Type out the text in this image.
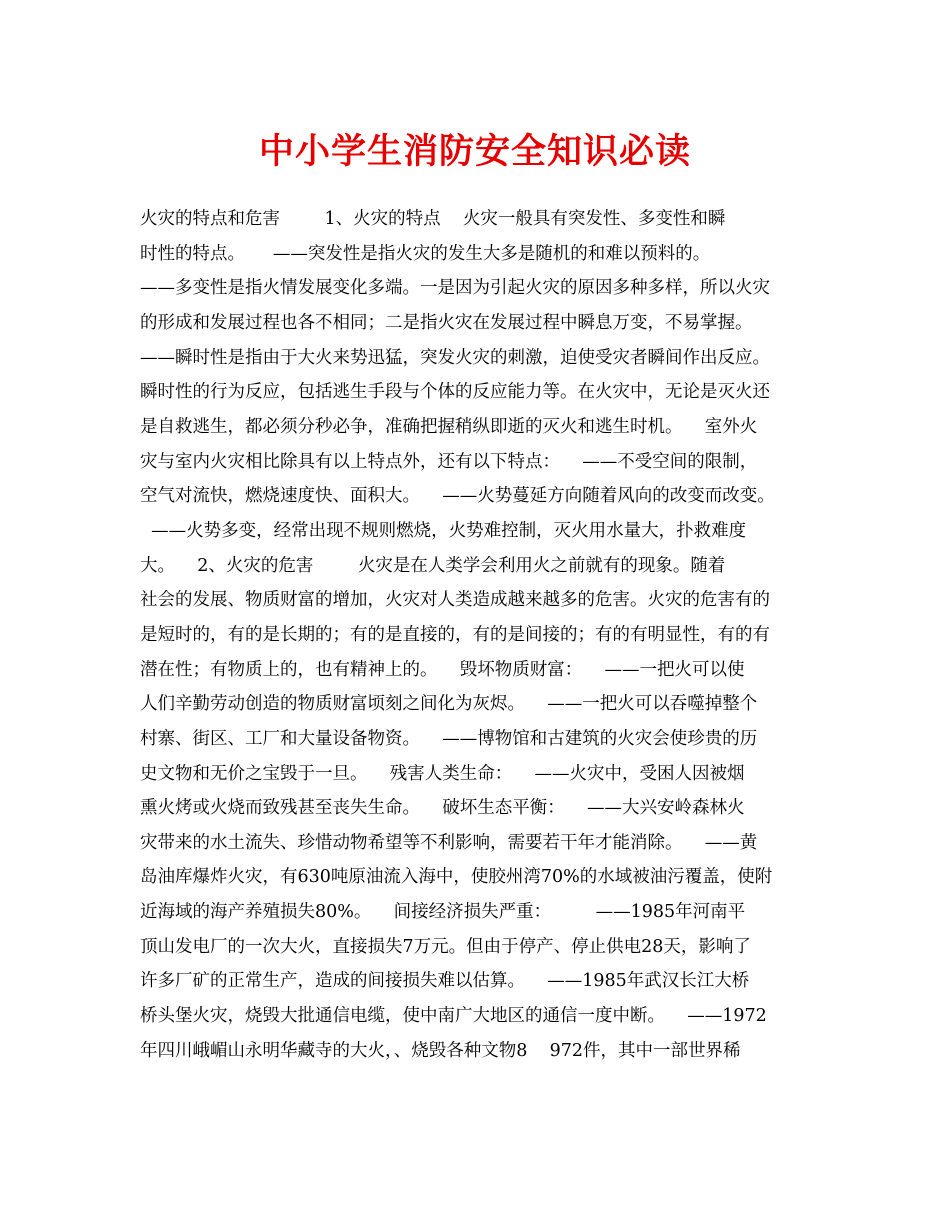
中小学生消防安全知识必读
火灾的特点和危害        1、火灾的特点    火灾一般具有突发性、多变性和瞬
时性的特点。     ——突发性是指火灾的发生大多是随机的和难以预料的。
——多变性是指火情发展变化多端。一是因为引起火灾的原因多种多样，所以火灾
的形成和发展过程也各不相同；二是指火灾在发展过程中瞬息万变，不易掌握。
——瞬时性是指由于大火来势迅猛，突发火灾的刺激，迫使受灾者瞬间作出反应。
瞬时性的行为反应，包括逃生手段与个体的反应能力等。在火灾中，无论是灭火还
是自救逃生，都必须分秒必争，准确把握稍纵即逝的灭火和逃生时机。    室外火
灾与室内火灾相比除具有以上特点外，还有以下特点：    ——不受空间的限制，
空气对流快，燃烧速度快、面积大。    ——火势蔓延方向随着风向的改变而改变。
——火势多变，经常出现不规则燃烧，火势难控制，灭火用水量大，扑救难度
大。    2、火灾的危害        火灾是在人类学会利用火之前就有的现象。随着
社会的发展、物质财富的增加，火灾对人类造成越来越多的危害。火灾的危害有的
是短时的，有的是长期的；有的是直接的，有的是间接的；有的有明显性，有的有
潜在性；有物质上的，也有精神上的。    毁坏物质财富：    ——一把火可以使
人们辛勤劳动创造的物质财富顷刻之间化为灰烬。    ——一把火可以吞噬掉整个
村寨、街区、工厂和大量设备物资。    ——博物馆和古建筑的火灾会使珍贵的历
史文物和无价之宝毁于一旦。    残害人类生命：    ——火灾中，受困人因被烟
熏火烤或火烧而致残甚至丧失生命。    破坏生态平衡：    ——大兴安岭森林火
灾带来的水土流失、珍惜动物希望等不利影响，需要若干年才能消除。    ——黄
岛油库爆炸火灾，有630吨原油流入海中，使胶州湾70%的水域被油污覆盖，使附
近海域的海产养殖损失80%。    间接经济损失严重：        ——1985年河南平
顶山发电厂的一次大火，直接损失7万元。但由于停产、停止供电28天，影响了
许多厂矿的正常生产，造成的间接损失难以估算。    ——1985年武汉长江大桥
桥头堡火灾，烧毁大批通信电缆，使中南广大地区的通信一度中断。    ——1972
年四川峨嵋山永明华藏寺的大火，、烧毁各种文物8    972件，其中一部世界稀
